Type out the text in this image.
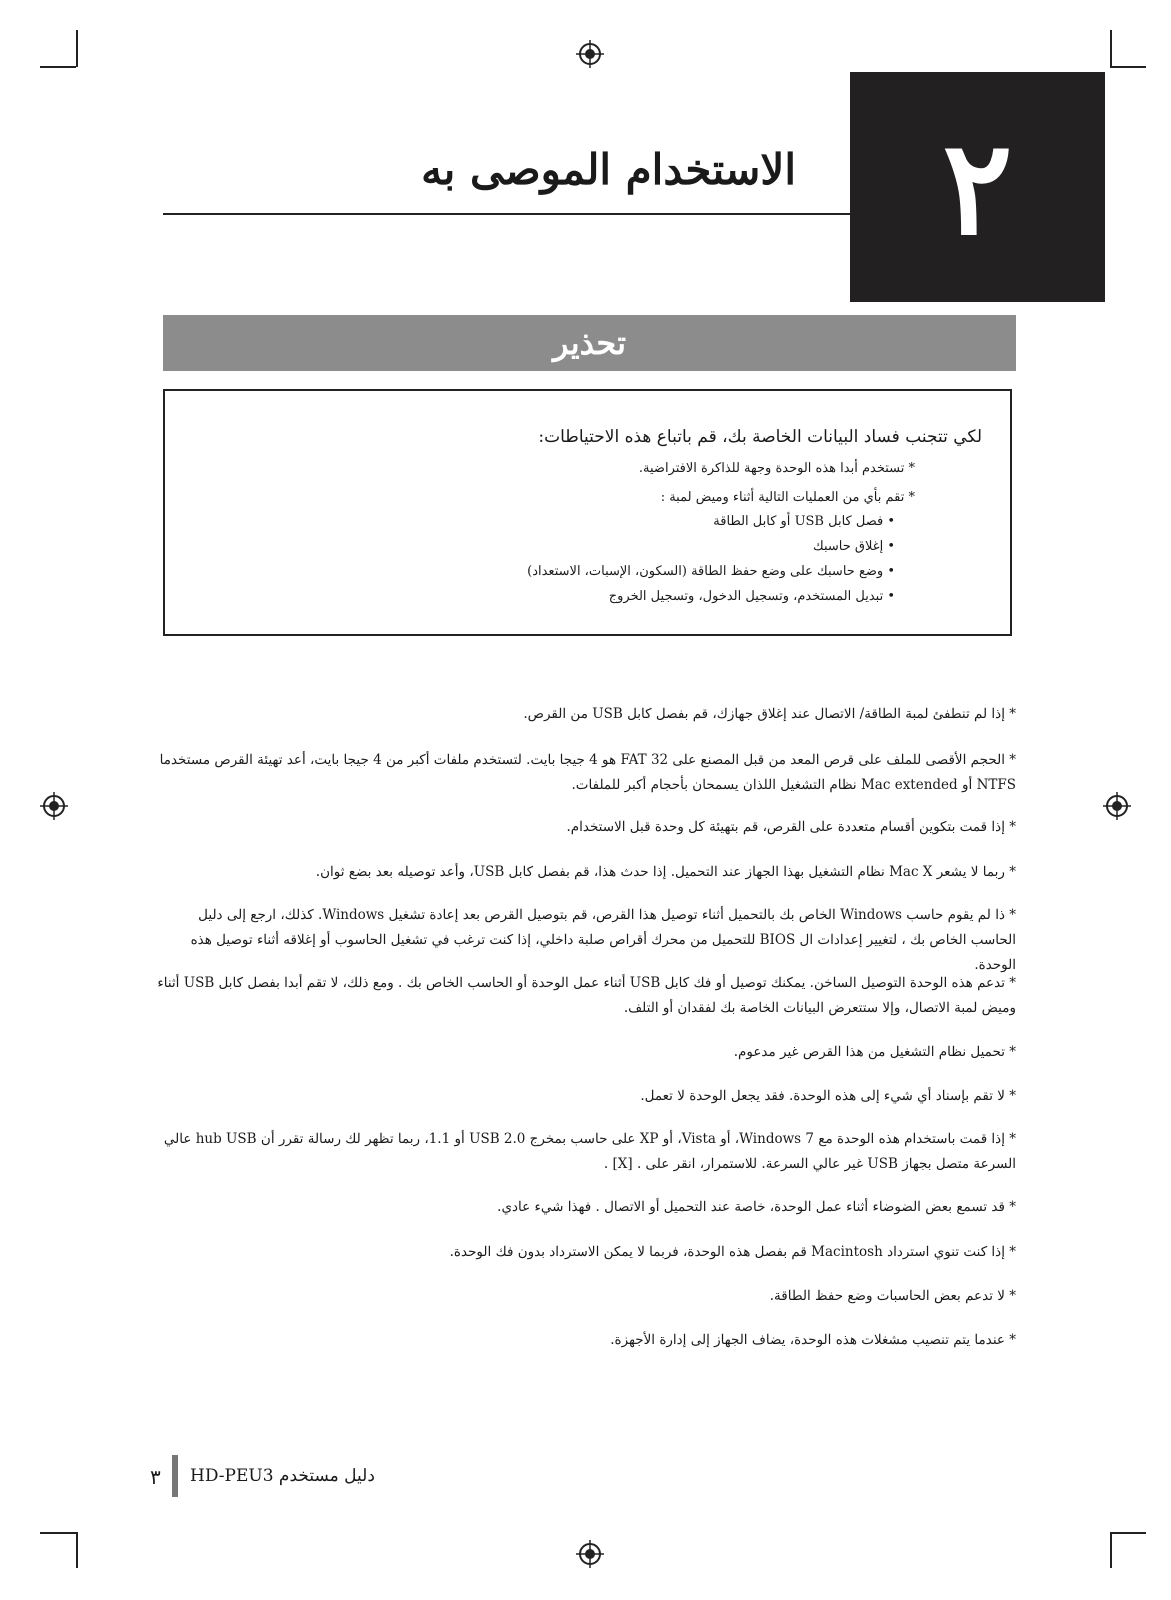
٢
الاستخدام الموصى به
تحذير
لكي تتجنب فساد البيانات الخاصة بك، قم باتباع هذه الاحتياطات:
* تستخدم أبدا هذه الوحدة وجهة للذاكرة الافتراضية.
* تقم بأي من العمليات التالية أثناء وميض لمبة :
• فصل كابل USB أو كابل الطاقة
• إغلاق حاسبك
• وضع حاسبك على وضع حفظ الطاقة (السكون، الإسبات، الاستعداد)
• تبديل المستخدم، وتسجيل الدخول، وتسجيل الخروج
* إذا لم تنطفئ لمبة الطاقة/ الاتصال عند إغلاق جهازك، قم بفصل كابل USB من القرص.
* الحجم الأقصى للملف على قرص المعد من قبل المصنع على FAT 32 هو 4 جيجا بايت. لتستخدم ملفات أكبر من 4 جيجا بايت، أعد تهيئة القرص مستخدما NTFS أو Mac extended نظام التشغيل اللذان يسمحان بأحجام أكبر للملفات.
* إذا قمت بتكوين أقسام متعددة على القرص، قم بتهيئة كل وحدة قبل الاستخدام.
* ربما لا يشعر Mac X نظام التشغيل بهذا الجهاز عند التحميل. إذا حدث هذا، قم بفصل كابل USB، وأعد توصيله بعد بضع ثوان.
* ذا لم يقوم حاسب Windows الخاص بك بالتحميل أثناء توصيل هذا القرص، قم بتوصيل القرص بعد إعادة تشغيل Windows. كذلك، ارجع إلى دليل الحاسب الخاص بك ، لتغيير إعدادات ال BIOS للتحميل من محرك أقراص صلبة داخلي، إذا كنت ترغب في تشغيل الحاسوب أو إغلاقه أثناء توصيل هذه الوحدة.
* تدعم هذه الوحدة التوصيل الساخن. يمكنك توصيل أو فك كابل USB أثناء عمل الوحدة أو الحاسب الخاص بك . ومع ذلك، لا تقم أبدا بفصل كابل USB أثناء وميض لمبة الاتصال، وإلا ستتعرض البيانات الخاصة بك لفقدان أو التلف.
* تحميل نظام التشغيل من هذا القرص غير مدعوم.
* لا تقم بإسناد أي شيء إلى هذه الوحدة. فقد يجعل الوحدة لا تعمل.
* إذا قمت باستخدام هذه الوحدة مع Windows 7، أو Vista، أو XP على حاسب بمخرج USB 2.0 أو 1.1، ربما تظهر لك رسالة تقرر أن hub USB عالي السرعة متصل بجهاز USB غير عالي السرعة. للاستمرار، انقر على . [X] .
* قد تسمع بعض الضوضاء أثناء عمل الوحدة، خاصة عند التحميل أو الاتصال . فهذا شيء عادي.
* إذا كنت تنوي استرداد Macintosh قم بفصل هذه الوحدة، فربما لا يمكن الاسترداد بدون فك الوحدة.
* لا تدعم بعض الحاسبات وضع حفظ الطاقة.
* عندما يتم تنصيب مشغلات هذه الوحدة، يضاف الجهاز إلى إدارة الأجهزة.
٣ دليل مستخدم HD-PEU3
